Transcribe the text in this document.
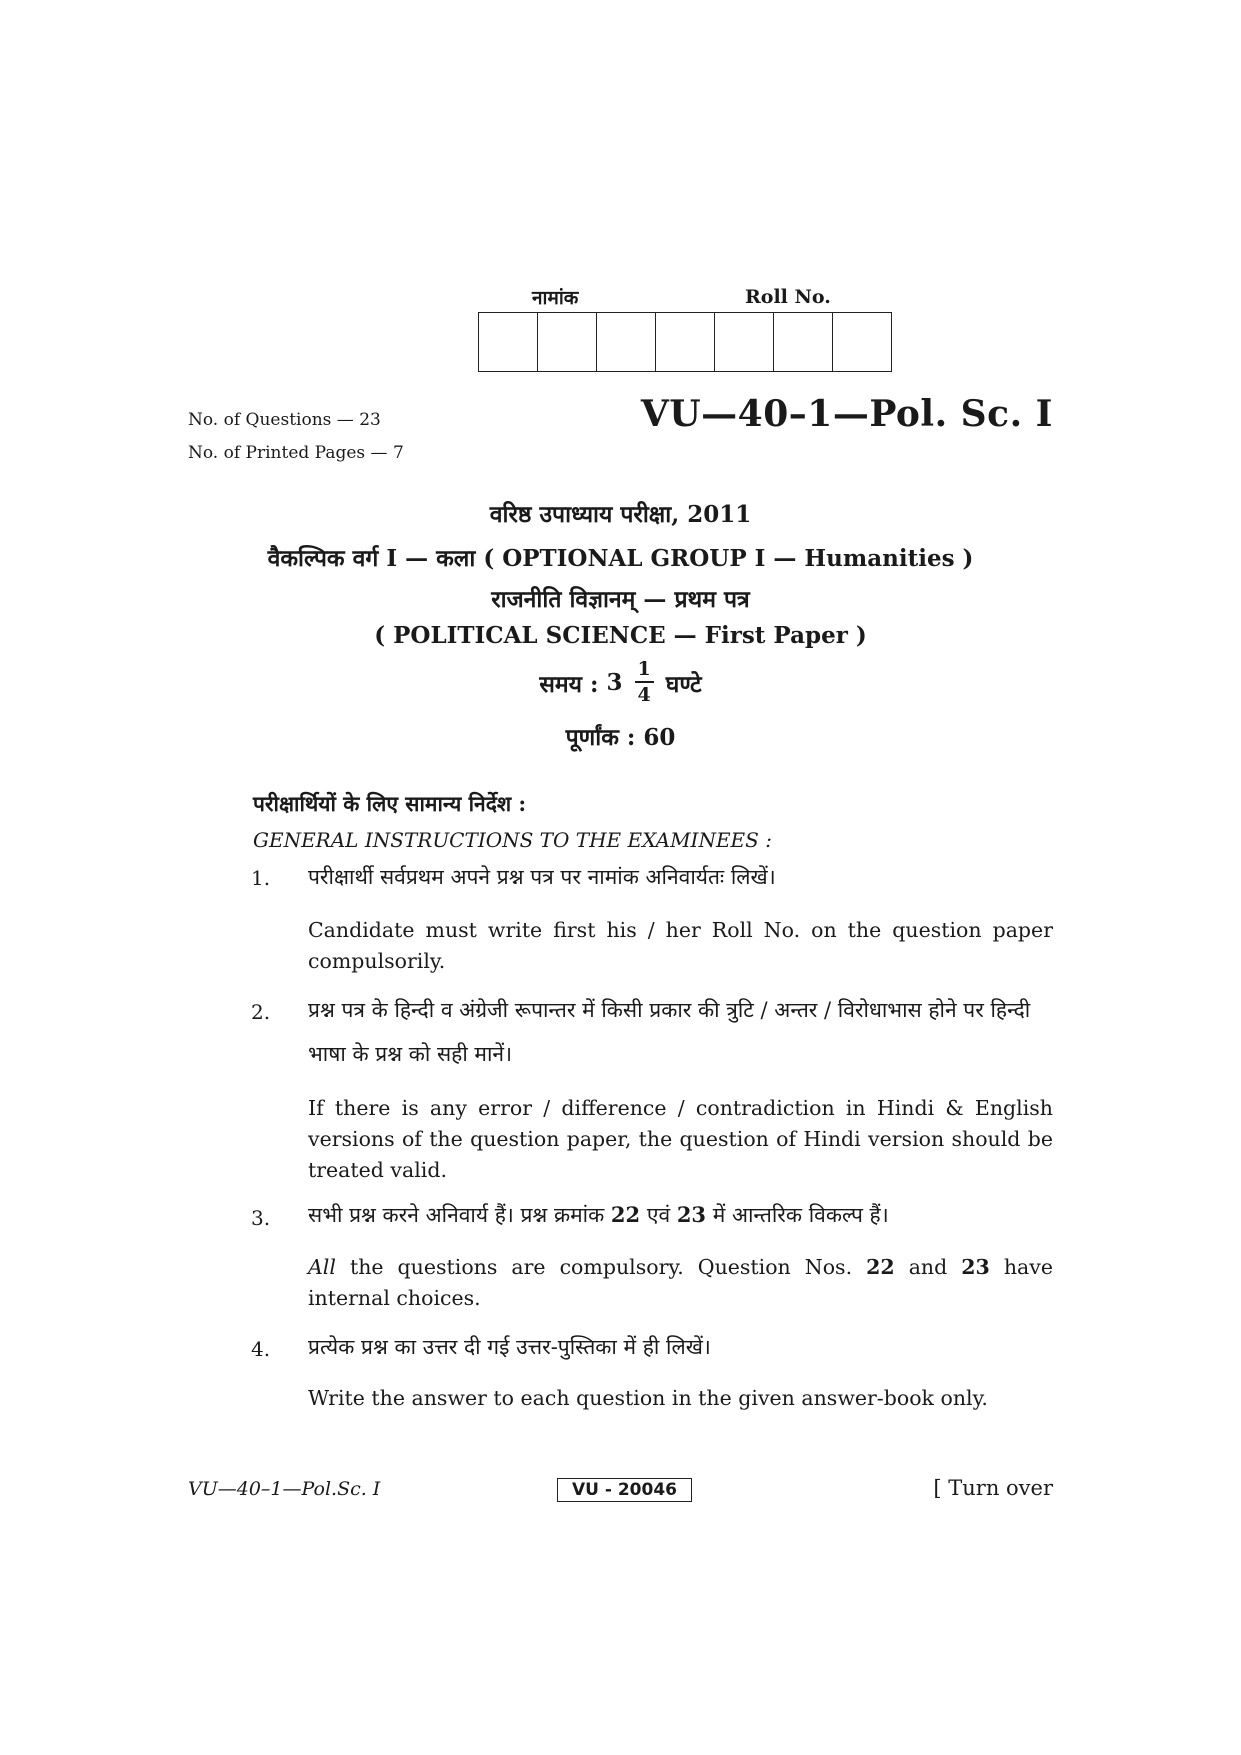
नामांक	Roll No.
No. of Questions — 23
No. of Printed Pages — 7
VU—40–1—Pol. Sc. I
वरिष्ठ उपाध्याय परीक्षा, 2011
वैकल्पिक वर्ग I — कला ( OPTIONAL GROUP I — Humanities )
राजनीति विज्ञानम् — प्रथम पत्र
( POLITICAL SCIENCE — First Paper )
समय : $3 \frac{1}{4}$ घण्टे
पूर्णांक : 60
परीक्षार्थियों के लिए सामान्य निर्देश :
GENERAL INSTRUCTIONS TO THE EXAMINEES :
1. परीक्षार्थी सर्वप्रथम अपने प्रश्न पत्र पर नामांक अनिवार्यतः लिखें।
Candidate must write first his / her Roll No. on the question paper compulsorily.
2. प्रश्न पत्र के हिन्दी व अंग्रेजी रूपान्तर में किसी प्रकार की त्रुटि / अन्तर / विरोधाभास होने पर हिन्दी भाषा के प्रश्न को सही मानें।
If there is any error / difference / contradiction in Hindi & English versions of the question paper, the question of Hindi version should be treated valid.
3. सभी प्रश्न करने अनिवार्य हैं। प्रश्न क्रमांक 22 एवं 23 में आन्तरिक विकल्प हैं।
All the questions are compulsory. Question Nos. 22 and 23 have internal choices.
4. प्रत्येक प्रश्न का उत्तर दी गई उत्तर-पुस्तिका में ही लिखें।
Write the answer to each question in the given answer-book only.
VU—40–1—Pol.Sc. I	VU - 20046	[ Turn over
